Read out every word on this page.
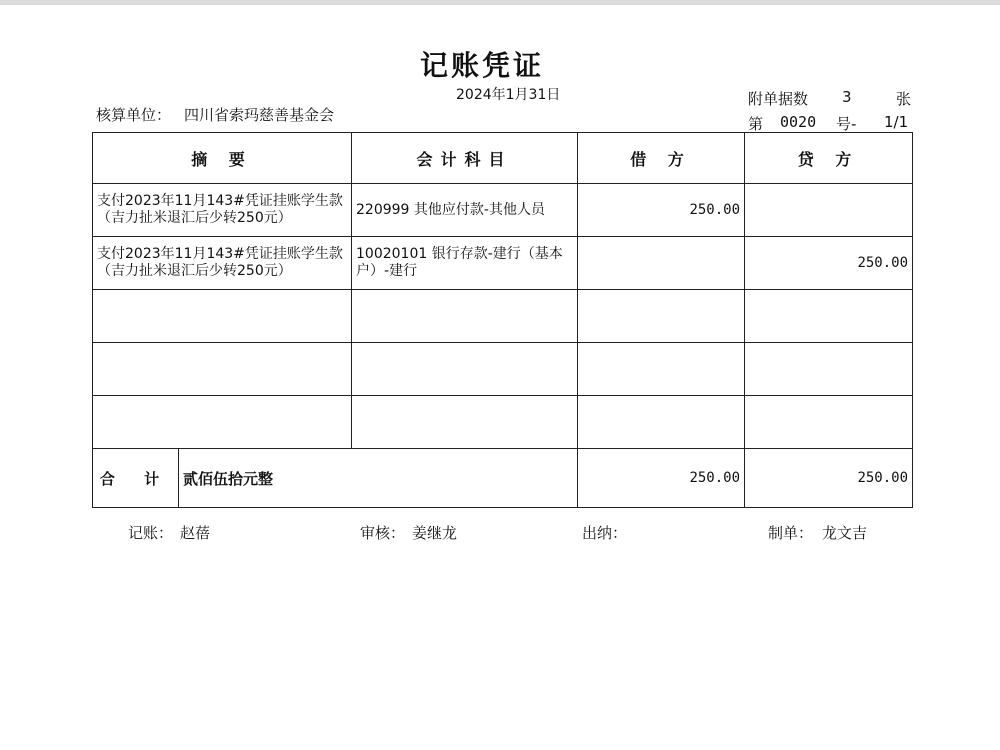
记账凭证
2024年1月31日
核算单位： 四川省索玛慈善基金会
附单据数 3	张
第 0020 号- 1/1
摘 要		会计科目	借 方	贷 方
支付2023年11月143#凭证挂账学生款（吉力扯米退汇后少转250元）		220999 其他应付款-其他人员	250.00	
支付2023年11月143#凭证挂账学生款（吉力扯米退汇后少转250元）		10020101 银行存款-建行（基本户）-建行		250.00

合 计	贰佰伍拾元整		250.00	250.00
记账： 赵蓓	审核： 姜继龙	出纳：	制单： 龙文吉
